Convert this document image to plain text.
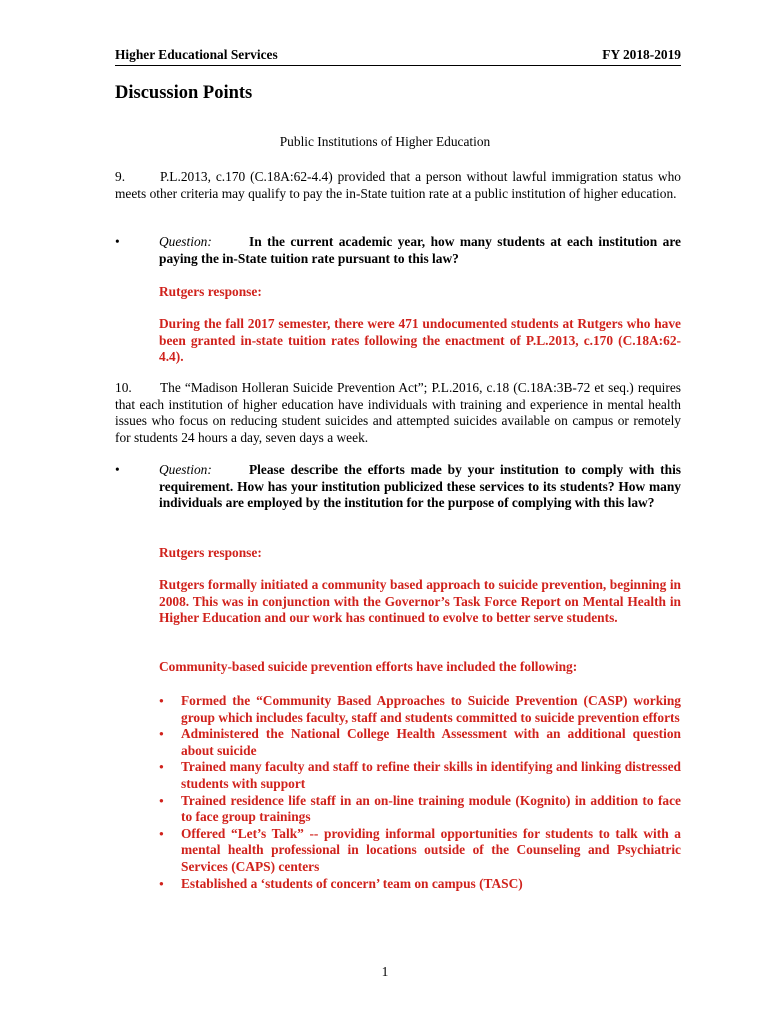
Higher Educational Services	FY 2018-2019
Discussion Points
Public Institutions of Higher Education
9.	P.L.2013, c.170 (C.18A:62-4.4) provided that a person without lawful immigration status who meets other criteria may qualify to pay the in-State tuition rate at a public institution of higher education.
•	Question:	In the current academic year, how many students at each institution are paying the in-State tuition rate pursuant to this law?
Rutgers response:
During the fall 2017 semester, there were 471 undocumented students at Rutgers who have been granted in-state tuition rates following the enactment of P.L.2013, c.170 (C.18A:62-4.4).
10. The “Madison Holleran Suicide Prevention Act”; P.L.2016, c.18 (C.18A:3B-72 et seq.) requires that each institution of higher education have individuals with training and experience in mental health issues who focus on reducing student suicides and attempted suicides available on campus or remotely for students 24 hours a day, seven days a week.
•	Question:	Please describe the efforts made by your institution to comply with this requirement. How has your institution publicized these services to its students? How many individuals are employed by the institution for the purpose of complying with this law?
Rutgers response:
Rutgers formally initiated a community based approach to suicide prevention, beginning in 2008. This was in conjunction with the Governor’s Task Force Report on Mental Health in Higher Education and our work has continued to evolve to better serve students.
Community-based suicide prevention efforts have included the following:
● Formed the “Community Based Approaches to Suicide Prevention (CASP) working group which includes faculty, staff and students committed to suicide prevention efforts
● Administered the National College Health Assessment with an additional question about suicide
● Trained many faculty and staff to refine their skills in identifying and linking distressed students with support
● Trained residence life staff in an on-line training module (Kognito) in addition to face to face group trainings
● Offered “Let’s Talk” -- providing informal opportunities for students to talk with a mental health professional in locations outside of the Counseling and Psychiatric Services (CAPS) centers
● Established a ‘students of concern’ team on campus (TASC)
1
